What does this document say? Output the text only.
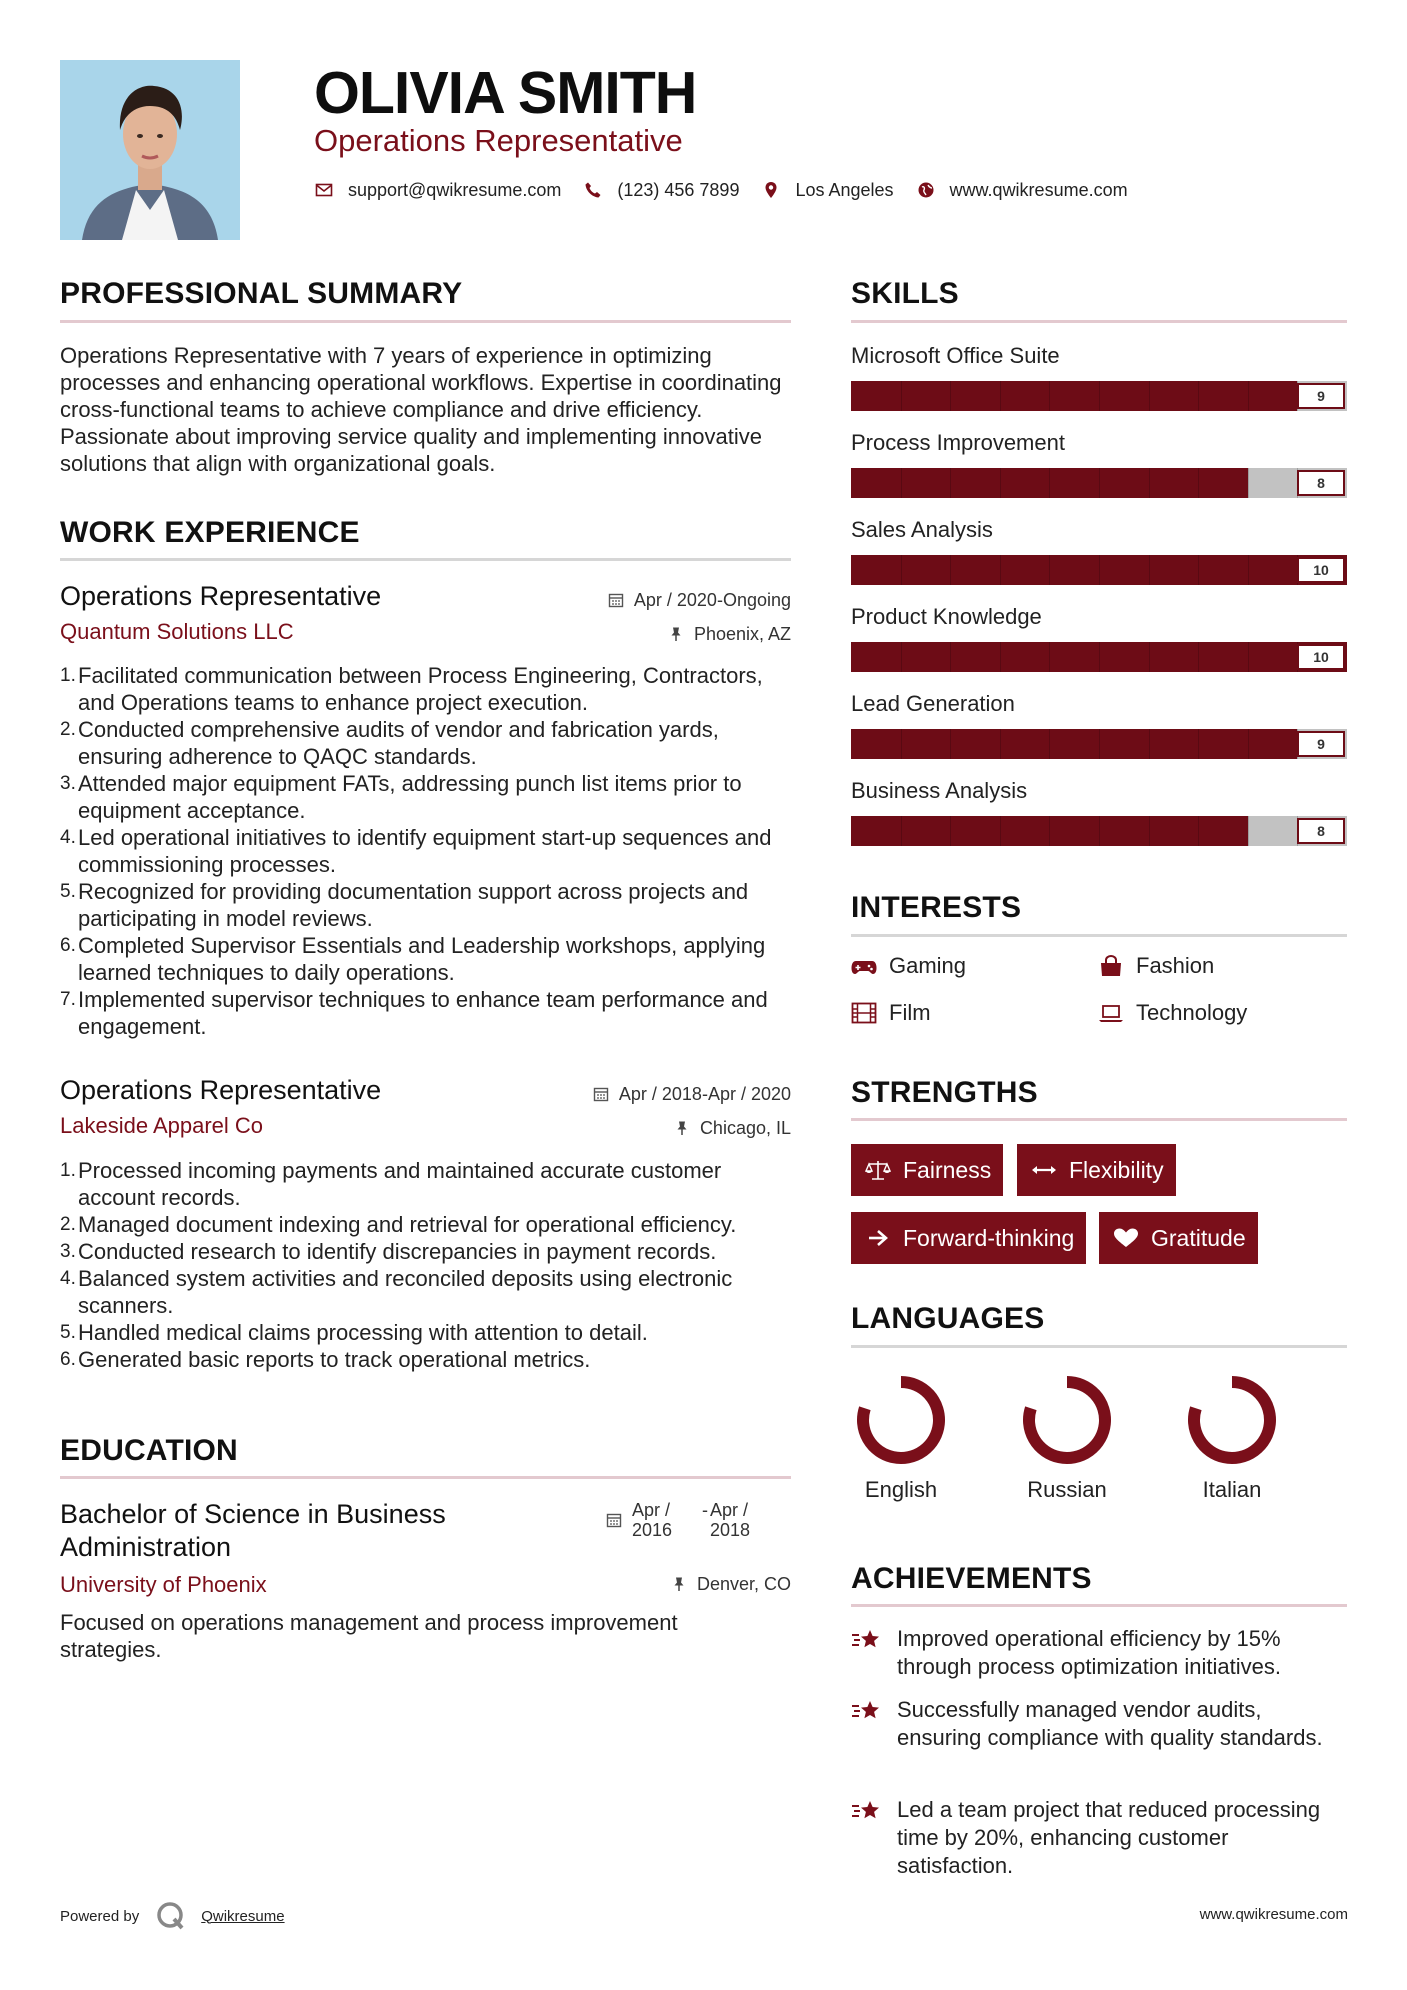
OLIVIA SMITH
Operations Representative
support@qwikresume.com	(123) 456 7899	Los Angeles	www.qwikresume.com
PROFESSIONAL SUMMARY
Operations Representative with 7 years of experience in optimizing processes and enhancing operational workflows. Expertise in coordinating cross-functional teams to achieve compliance and drive efficiency. Passionate about improving service quality and implementing innovative solutions that align with organizational goals.
WORK EXPERIENCE
Operations Representative	Apr / 2020-Ongoing
Quantum Solutions LLC	Phoenix, AZ
1. Facilitated communication between Process Engineering, Contractors, and Operations teams to enhance project execution.
2. Conducted comprehensive audits of vendor and fabrication yards, ensuring adherence to QAQC standards.
3. Attended major equipment FATs, addressing punch list items prior to equipment acceptance.
4. Led operational initiatives to identify equipment start-up sequences and commissioning processes.
5. Recognized for providing documentation support across projects and participating in model reviews.
6. Completed Supervisor Essentials and Leadership workshops, applying learned techniques to daily operations.
7. Implemented supervisor techniques to enhance team performance and engagement.
Operations Representative	Apr / 2018-Apr / 2020
Lakeside Apparel Co	Chicago, IL
1. Processed incoming payments and maintained accurate customer account records.
2. Managed document indexing and retrieval for operational efficiency.
3. Conducted research to identify discrepancies in payment records.
4. Balanced system activities and reconciled deposits using electronic scanners.
5. Handled medical claims processing with attention to detail.
6. Generated basic reports to track operational metrics.
EDUCATION
Bachelor of Science in Business Administration
Apr / 2016
- Apr / 2018
University of Phoenix	Denver, CO
Focused on operations management and process improvement strategies.
SKILLS
Microsoft Office Suite
9
Process Improvement
8
Sales Analysis
10
Product Knowledge
10
Lead Generation
9
Business Analysis
8
INTERESTS
Gaming	Fashion
Film	Technology
STRENGTHS
Fairness	Flexibility
Forward-thinking	Gratitude
LANGUAGES
English	Russian	Italian
ACHIEVEMENTS
Improved operational efficiency by 15% through process optimization initiatives.
Successfully managed vendor audits, ensuring compliance with quality standards.
Led a team project that reduced processing time by 20%, enhancing customer satisfaction.
Powered by	Qwikresume	www.qwikresume.com
